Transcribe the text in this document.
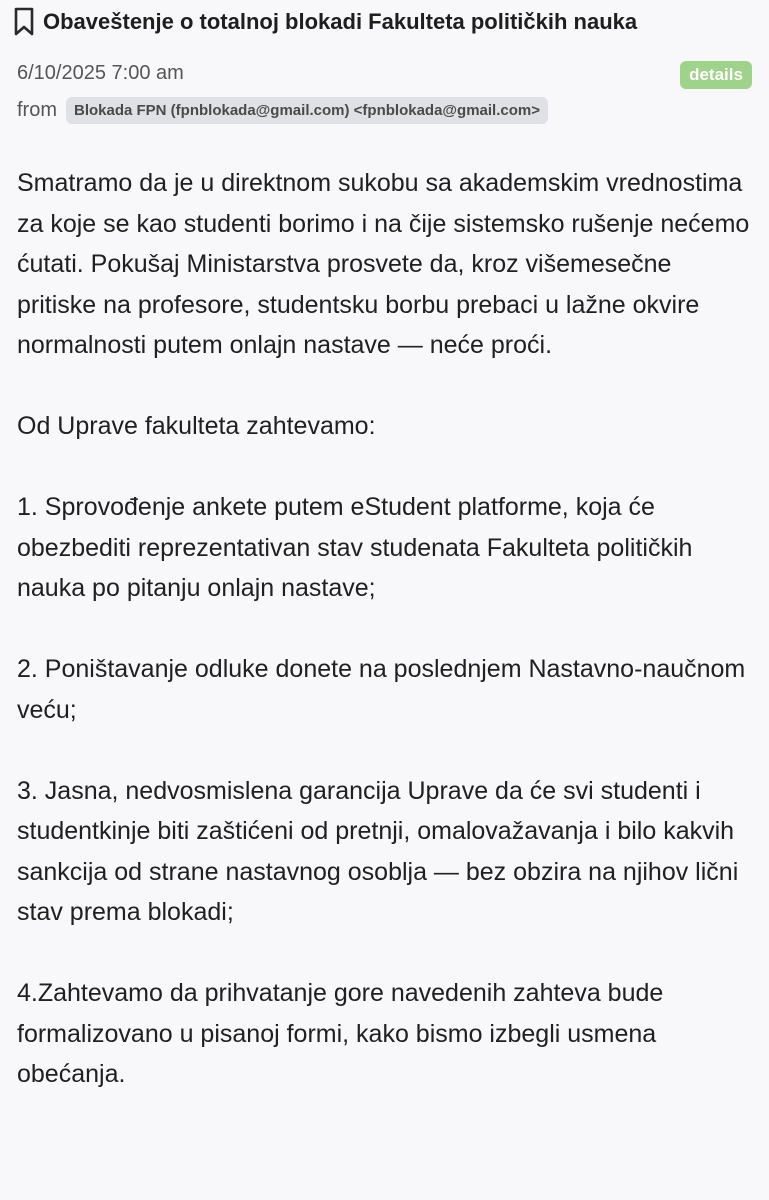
Obaveštenje o totalnoj blokadi Fakulteta političkih nauka
6/10/2025 7:00 am	details
from	Blokada FPN (fpnblokada@gmail.com) <fpnblokada@gmail.com>

Smatramo da je u direktnom sukobu sa akademskim vrednostima za koje se kao studenti borimo i na čije sistemsko rušenje nećemo ćutati. Pokušaj Ministarstva prosvete da, kroz višemesečne pritiske na profesore, studentsku borbu prebaci u lažne okvire normalnosti putem onlajn nastave — neće proći.

Od Uprave fakulteta zahtevamo:

1. Sprovođenje ankete putem eStudent platforme, koja će obezbediti reprezentativan stav studenata Fakulteta političkih nauka po pitanju onlajn nastave;

2. Poništavanje odluke donete na poslednjem Nastavno-naučnom veću;

3. Jasna, nedvosmislena garancija Uprave da će svi studenti i studentkinje biti zaštićeni od pretnji, omalovažavanja i bilo kakvih sankcija od strane nastavnog osoblja — bez obzira na njihov lični stav prema blokadi;

4.Zahtevamo da prihvatanje gore navedenih zahteva bude formalizovano u pisanoj formi, kako bismo izbegli usmena obećanja.
